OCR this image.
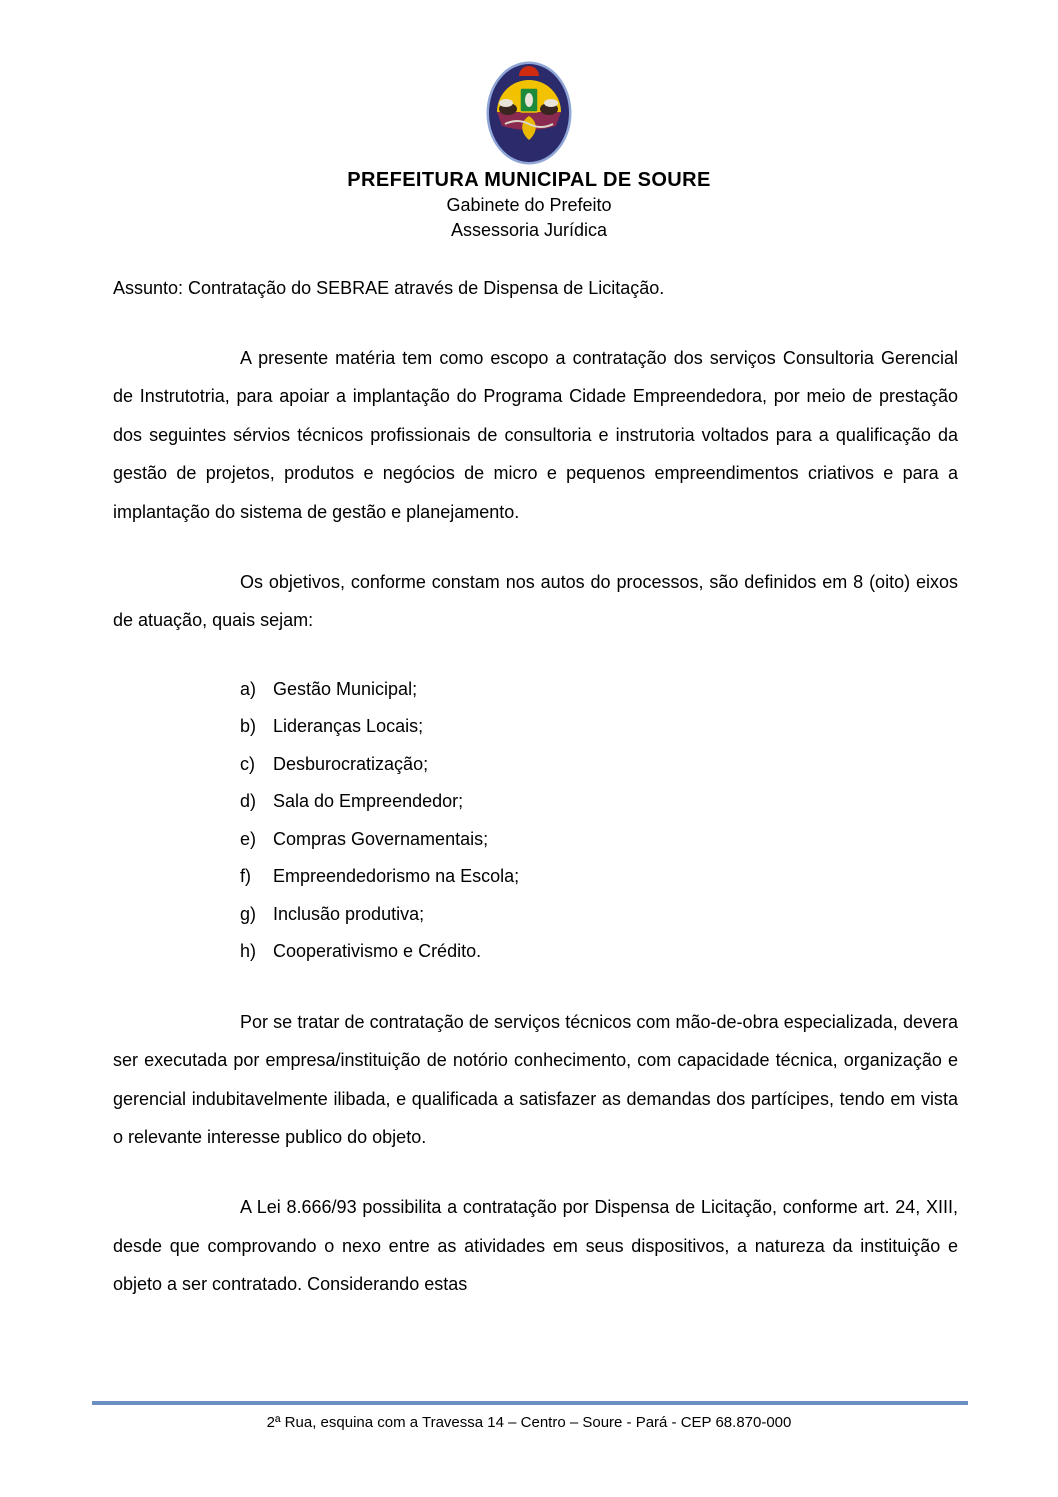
PREFEITURA MUNICIPAL DE SOURE
Gabinete do Prefeito
Assessoria Jurídica
Assunto: Contratação do SEBRAE através de Dispensa de Licitação.

A presente matéria tem como escopo a contratação dos serviços Consultoria Gerencial de Instrutotria, para apoiar a implantação do Programa Cidade Empreendedora, por meio de prestação dos seguintes sérvios técnicos profissionais de consultoria e instrutoria voltados para a qualificação da gestão de projetos, produtos e negócios de micro e pequenos empreendimentos criativos e para a implantação do sistema de gestão e planejamento.

Os objetivos, conforme constam nos autos do processos, são definidos em 8 (oito) eixos de atuação, quais sejam:

a) Gestão Municipal;
b) Lideranças Locais;
c)	Desburocratização;
d) Sala do Empreendedor;
e) Compras Governamentais;
f)	Empreendedorismo na Escola;
g) Inclusão produtiva;
h) Cooperativismo e Crédito.

Por se tratar de contratação de serviços técnicos com mão-de-obra especializada, devera ser executada por empresa/instituição de notório conhecimento, com capacidade técnica, organização e gerencial indubitavelmente ilibada, e qualificada a satisfazer as demandas dos partícipes, tendo em vista o relevante interesse publico do objeto.

A Lei 8.666/93 possibilita a contratação por Dispensa de Licitação, conforme art. 24, XIII, desde que comprovando o nexo entre as atividades em seus dispositivos, a natureza da instituição e objeto a ser contratado. Considerando estas

2ª Rua, esquina com a Travessa 14 – Centro – Soure - Pará - CEP 68.870-000
